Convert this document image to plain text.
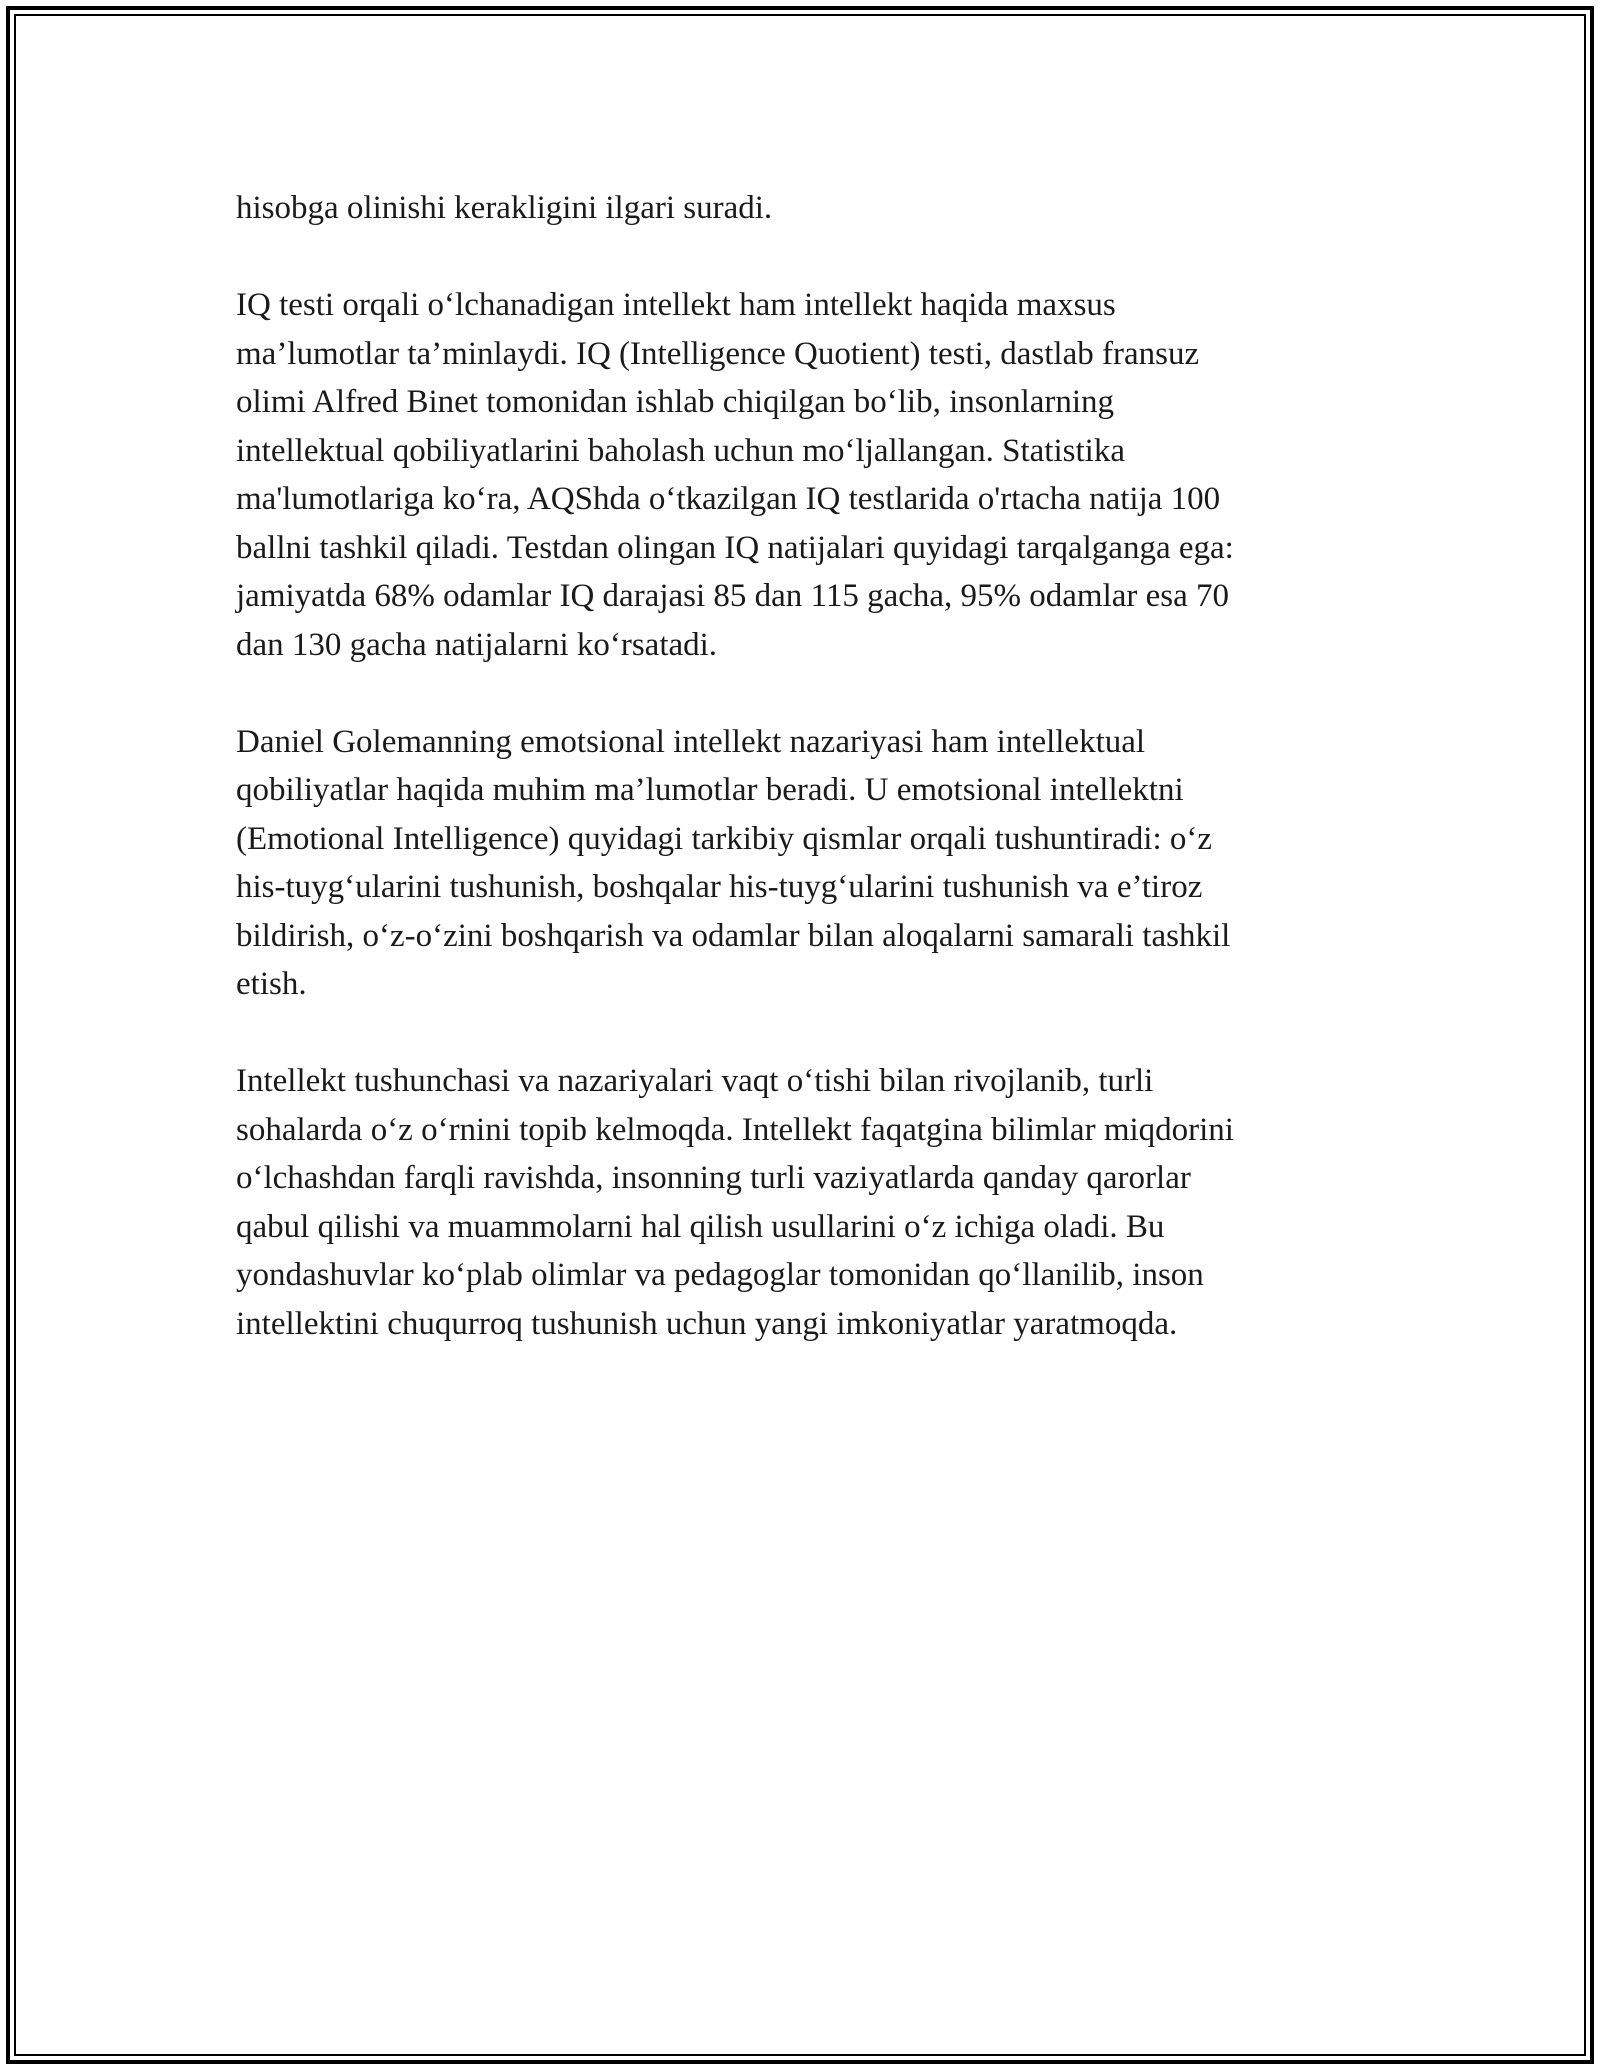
hisobga olinishi kerakligini ilgari suradi.
IQ testi orqali o‘lchanadigan intellekt ham intellekt haqida maxsus
ma’lumotlar ta’minlaydi. IQ (Intelligence Quotient) testi, dastlab fransuz
olimi Alfred Binet tomonidan ishlab chiqilgan bo‘lib, insonlarning
intellektual qobiliyatlarini baholash uchun mo‘ljallangan. Statistika
ma'lumotlariga ko‘ra, AQShda o‘tkazilgan IQ testlarida o'rtacha natija 100
ballni tashkil qiladi. Testdan olingan IQ natijalari quyidagi tarqalganga ega:
jamiyatda 68% odamlar IQ darajasi 85 dan 115 gacha, 95% odamlar esa 70
dan 130 gacha natijalarni ko‘rsatadi.
Daniel Golemanning emotsional intellekt nazariyasi ham intellektual
qobiliyatlar haqida muhim ma’lumotlar beradi. U emotsional intellektni
(Emotional Intelligence) quyidagi tarkibiy qismlar orqali tushuntiradi: o‘z
his-tuyg‘ularini tushunish, boshqalar his-tuyg‘ularini tushunish va e’tiroz
bildirish, o‘z-o‘zini boshqarish va odamlar bilan aloqalarni samarali tashkil
etish.
Intellekt tushunchasi va nazariyalari vaqt o‘tishi bilan rivojlanib, turli
sohalarda o‘z o‘rnini topib kelmoqda. Intellekt faqatgina bilimlar miqdorini
o‘lchashdan farqli ravishda, insonning turli vaziyatlarda qanday qarorlar
qabul qilishi va muammolarni hal qilish usullarini o‘z ichiga oladi. Bu
yondashuvlar ko‘plab olimlar va pedagoglar tomonidan qo‘llanilib, inson
intellektini chuqurroq tushunish uchun yangi imkoniyatlar yaratmoqda.
